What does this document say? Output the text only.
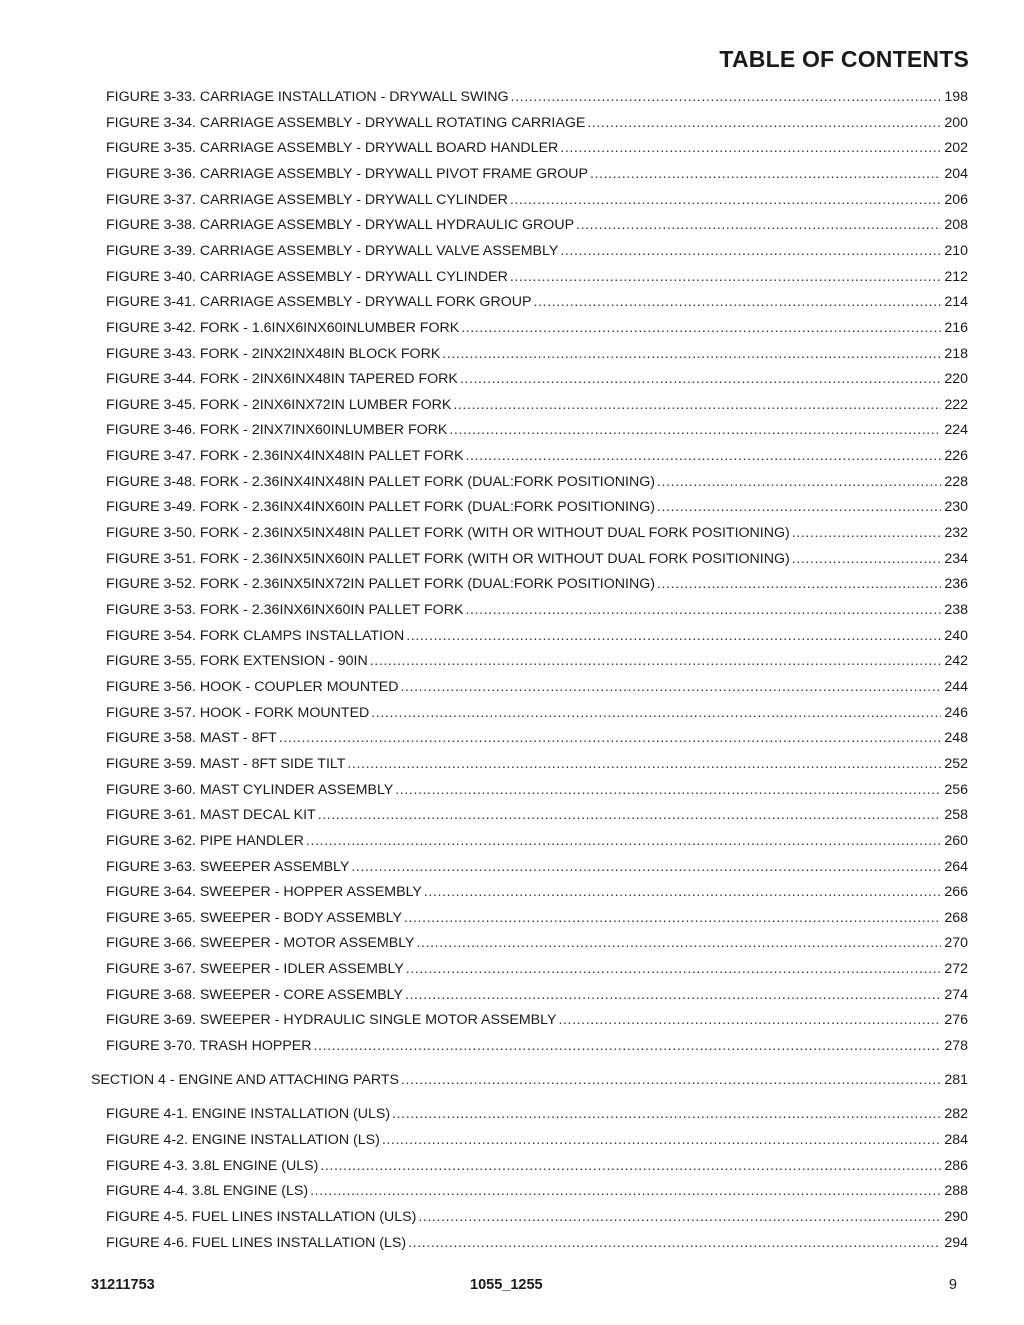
TABLE OF CONTENTS
FIGURE 3-33. CARRIAGE INSTALLATION - DRYWALL SWING .....	198
FIGURE 3-34. CARRIAGE ASSEMBLY - DRYWALL ROTATING CARRIAGE .....	200
FIGURE 3-35. CARRIAGE ASSEMBLY - DRYWALL BOARD HANDLER .....	202
FIGURE 3-36. CARRIAGE ASSEMBLY - DRYWALL PIVOT FRAME GROUP .....	204
FIGURE 3-37. CARRIAGE ASSEMBLY - DRYWALL CYLINDER .....	206
FIGURE 3-38. CARRIAGE ASSEMBLY - DRYWALL HYDRAULIC GROUP .....	208
FIGURE 3-39. CARRIAGE ASSEMBLY - DRYWALL VALVE ASSEMBLY .....	210
FIGURE 3-40. CARRIAGE ASSEMBLY - DRYWALL CYLINDER .....	212
FIGURE 3-41. CARRIAGE ASSEMBLY - DRYWALL FORK GROUP .....	214
FIGURE 3-42. FORK - 1.6INX6INX60INLUMBER FORK .....	216
FIGURE 3-43. FORK - 2INX2INX48IN BLOCK FORK .....	218
FIGURE 3-44. FORK - 2INX6INX48IN TAPERED FORK .....	220
FIGURE 3-45. FORK - 2INX6INX72IN LUMBER FORK .....	222
FIGURE 3-46. FORK - 2INX7INX60INLUMBER FORK .....	224
FIGURE 3-47. FORK - 2.36INX4INX48IN PALLET FORK .....	226
FIGURE 3-48. FORK - 2.36INX4INX48IN PALLET FORK (DUAL:FORK POSITIONING) .....	228
FIGURE 3-49. FORK - 2.36INX4INX60IN PALLET FORK (DUAL:FORK POSITIONING) .....	230
FIGURE 3-50. FORK - 2.36INX5INX48IN PALLET FORK (WITH OR WITHOUT DUAL FORK POSITIONING) .....	232
FIGURE 3-51. FORK - 2.36INX5INX60IN PALLET FORK (WITH OR WITHOUT DUAL FORK POSITIONING) .....	234
FIGURE 3-52. FORK - 2.36INX5INX72IN PALLET FORK (DUAL:FORK POSITIONING) .....	236
FIGURE 3-53. FORK - 2.36INX6INX60IN PALLET FORK .....	238
FIGURE 3-54. FORK CLAMPS INSTALLATION .....	240
FIGURE 3-55. FORK EXTENSION - 90IN .....	242
FIGURE 3-56. HOOK - COUPLER MOUNTED .....	244
FIGURE 3-57. HOOK - FORK MOUNTED .....	246
FIGURE 3-58. MAST - 8FT .....	248
FIGURE 3-59. MAST - 8FT SIDE TILT .....	252
FIGURE 3-60. MAST CYLINDER ASSEMBLY .....	256
FIGURE 3-61. MAST DECAL KIT .....	258
FIGURE 3-62. PIPE HANDLER .....	260
FIGURE 3-63. SWEEPER ASSEMBLY .....	264
FIGURE 3-64. SWEEPER - HOPPER ASSEMBLY .....	266
FIGURE 3-65. SWEEPER - BODY ASSEMBLY .....	268
FIGURE 3-66. SWEEPER - MOTOR ASSEMBLY .....	270
FIGURE 3-67. SWEEPER - IDLER ASSEMBLY .....	272
FIGURE 3-68. SWEEPER - CORE ASSEMBLY .....	274
FIGURE 3-69. SWEEPER - HYDRAULIC SINGLE MOTOR ASSEMBLY .....	276
FIGURE 3-70. TRASH HOPPER .....	278
SECTION 4 - ENGINE AND ATTACHING PARTS .....	281
FIGURE 4-1. ENGINE INSTALLATION (ULS) .....	282
FIGURE 4-2. ENGINE INSTALLATION (LS) .....	284
FIGURE 4-3. 3.8L ENGINE (ULS) .....	286
FIGURE 4-4. 3.8L ENGINE (LS) .....	288
FIGURE 4-5. FUEL LINES INSTALLATION (ULS) .....	290
FIGURE 4-6. FUEL LINES INSTALLATION (LS) .....	294
31211753	1055_1255	9
